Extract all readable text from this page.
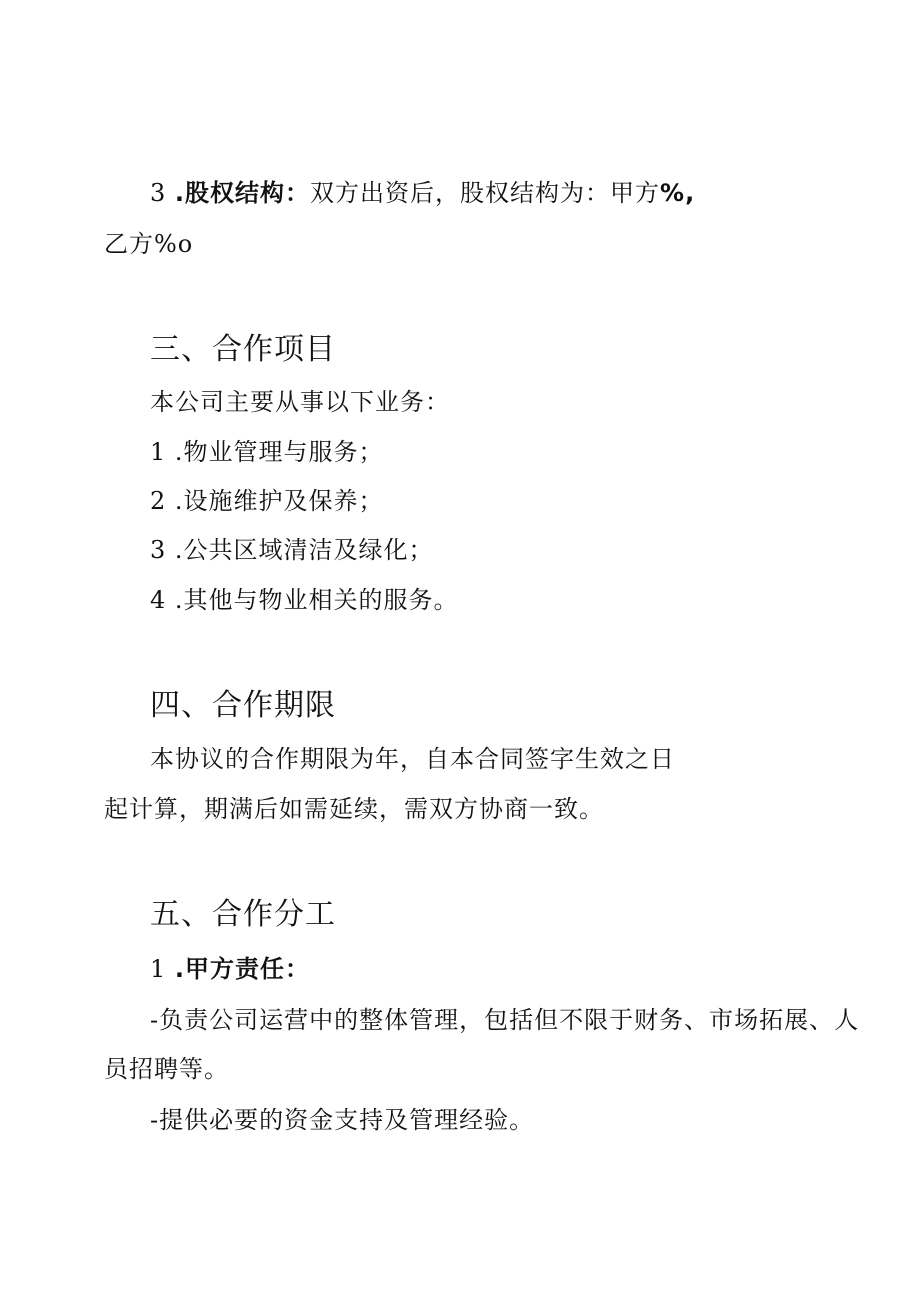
3 .股权结构：双方出资后，股权结构为：甲方%,
乙方%o
三、合作项目
本公司主要从事以下业务：
1 .物业管理与服务；
2 .设施维护及保养；
3 .公共区域清洁及绿化；
4 .其他与物业相关的服务。
四、合作期限
本协议的合作期限为年，自本合同签字生效之日
起计算，期满后如需延续，需双方协商一致。
五、合作分工
1 .甲方责任：
-负责公司运营中的整体管理，包括但不限于财务、市场拓展、人
员招聘等。
-提供必要的资金支持及管理经验。
